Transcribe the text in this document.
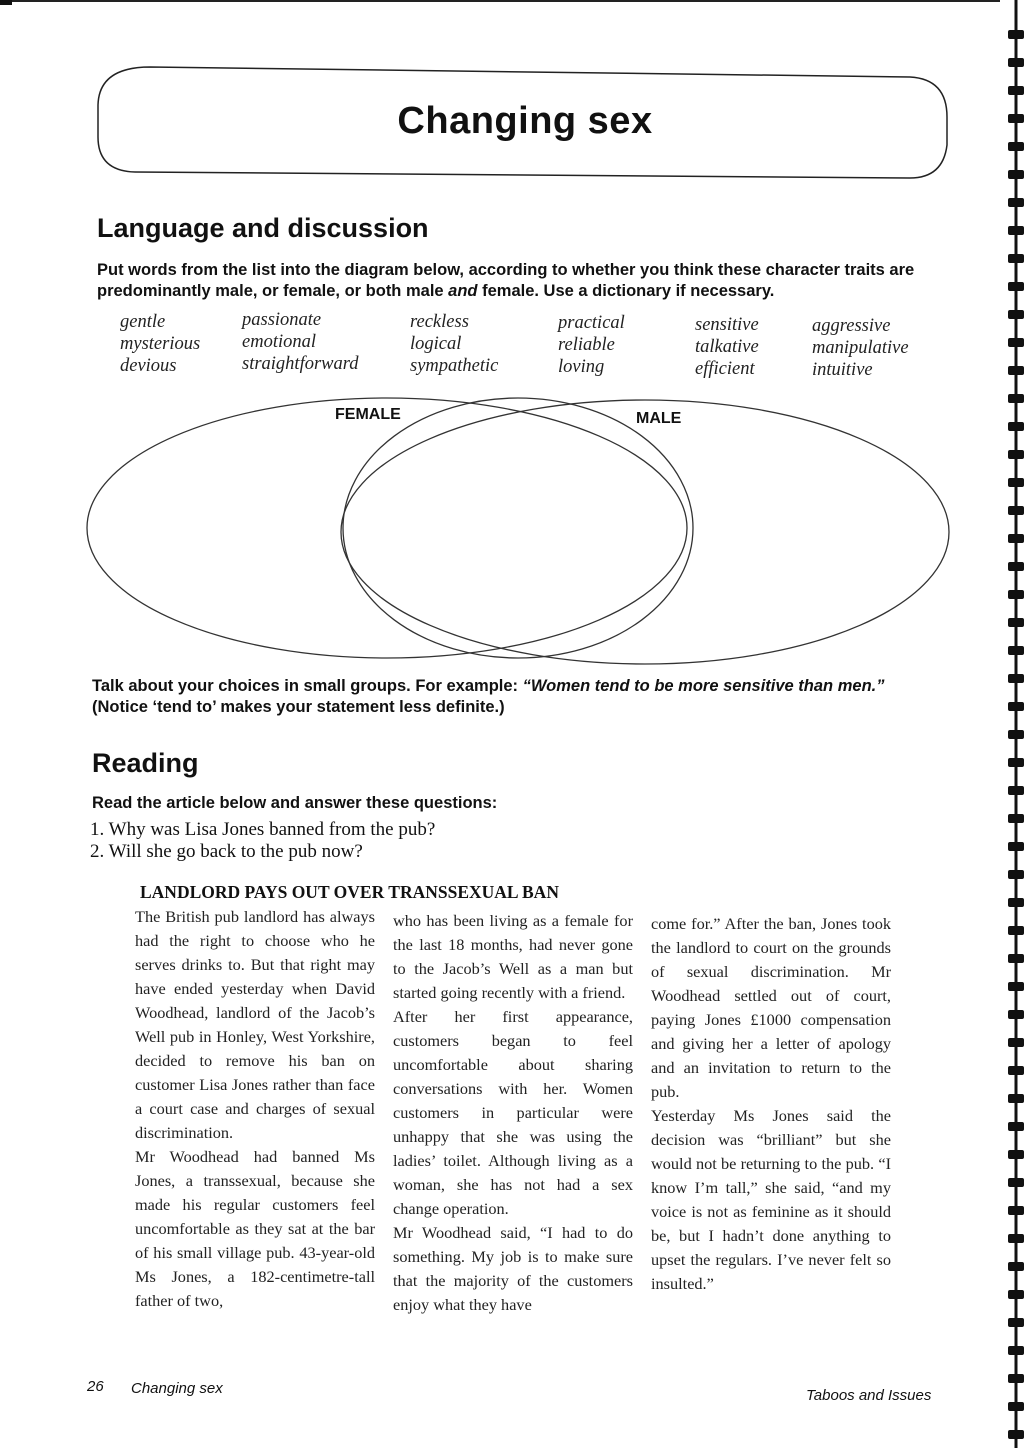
Changing sex
Language and discussion
Put words from the list into the diagram below, according to whether you think these character traits are predominantly male, or female, or both male and female. Use a dictionary if necessary.
gentle
mysterious
devious
passionate
emotional
straightforward
reckless
logical
sympathetic
practical
reliable
loving
sensitive
talkative
efficient
aggressive
manipulative
intuitive
FEMALE	MALE
Talk about your choices in small groups. For example: “Women tend to be more sensitive than men.”
(Notice ‘tend to’ makes your statement less definite.)
Reading
Read the article below and answer these questions:
1. Why was Lisa Jones banned from the pub?
2. Will she go back to the pub now?
LANDLORD PAYS OUT OVER TRANSSEXUAL BAN

The British pub landlord has always had the right to choose who he serves drinks to. But that right may have ended yesterday when David Woodhead, landlord of the Jacob’s Well pub in Honley, West Yorkshire, decided to remove his ban on customer Lisa Jones rather than face a court case and charges of sexual discrimination.

Mr Woodhead had banned Ms Jones, a transsexual, because she made his regular customers feel uncomfortable as they sat at the bar of his small village pub. 43-year-old Ms Jones, a 182-centimetre-tall father of two,

who has been living as a female for the last 18 months, had never gone to the Jacob’s Well as a man but started going recently with a friend.

After her first appearance, customers began to feel uncomfortable about sharing conversations with her. Women customers in particular were unhappy that she was using the ladies’ toilet. Although living as a woman, she has not had a sex change operation.

Mr Woodhead said, “I had to do something. My job is to make sure that the majority of the customers enjoy what they have

come for.” After the ban, Jones took the landlord to court on the grounds of sexual discrimination. Mr Woodhead settled out of court, paying Jones £1000 compensation and giving her a letter of apology and an invitation to return to the pub.

Yesterday Ms Jones said the decision was “brilliant” but she would not be returning to the pub. “I know I’m tall,” she said, “and my voice is not as feminine as it should be, but I hadn’t done anything to upset the regulars. I’ve never felt so insulted.”

26 Changing sex	Taboos and Issues
